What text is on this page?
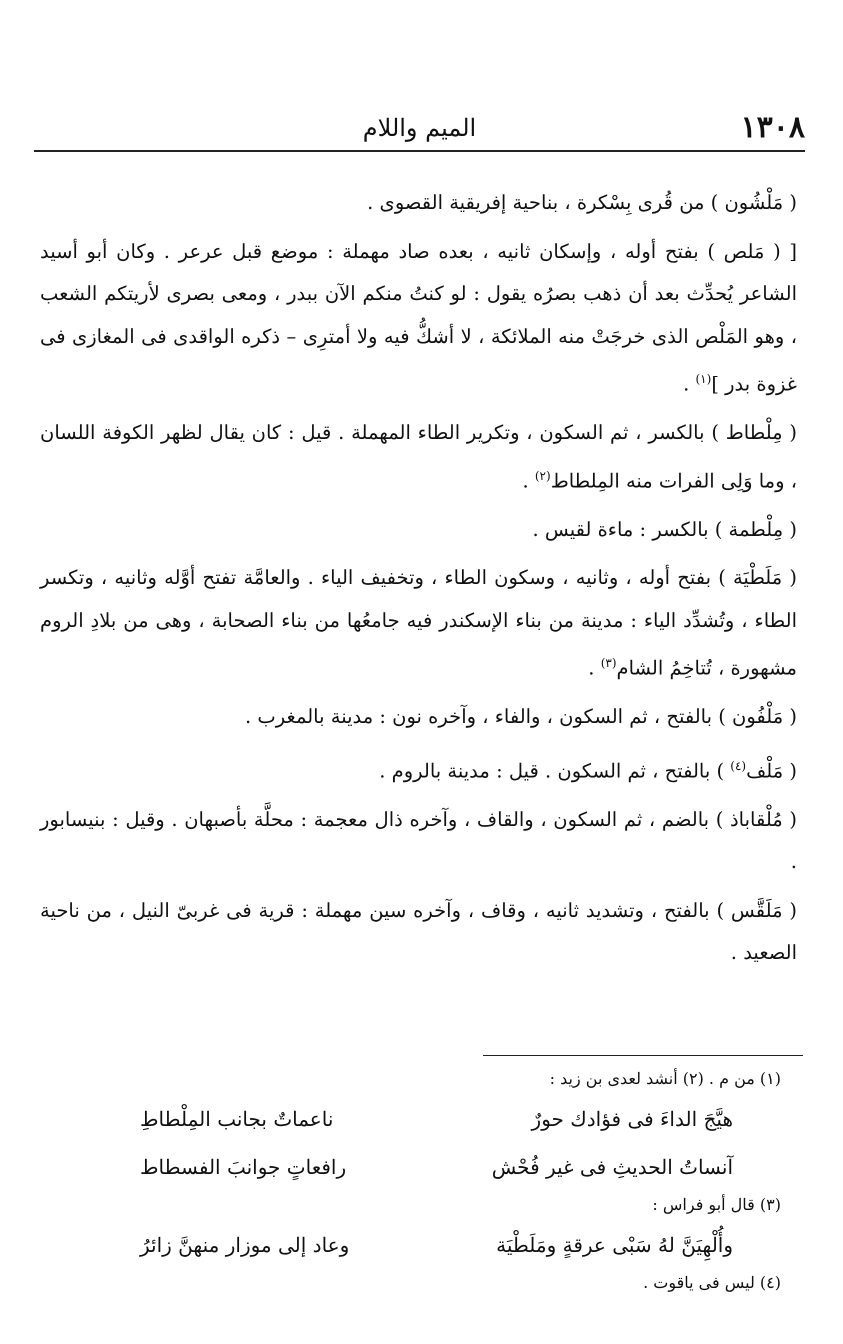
١٣٠٨
الميم واللام

( مَلْشُون ) من قُرى بِسْكرة ، بناحية إفريقية القصوى .

[ ( مَلص ) بفتح أوله ، وإسكان ثانيه ، بعده صاد مهملة : موضع قبل عرعر . وكان أبو أسيد الشاعر يُحدِّث بعد أن ذهب بصرُه يقول : لو كنتُ منكم الآن ببدر ، ومعى بصرى لأريتكم الشعب ، وهو المَلْص الذى خرجَتْ منه الملائكة ، لا أشكُّ فيه ولا أمترِى – ذكره الواقدى فى المغازى فى غزوة بدر ]$^{(١)}$ .

( مِلْطاط ) بالكسر ، ثم السكون ، وتكرير الطاء المهملة . قيل : كان يقال لظهر الكوفة اللسان ، وما وَلِى الفرات منه المِلطاط$^{(٢)}$ .

( مِلْطمة ) بالكسر : ماءة لقيس .

( مَلَطْيَة ) بفتح أوله ، وثانيه ، وسكون الطاء ، وتخفيف الياء . والعامَّة تفتح أوَّله وثانيه ، وتكسر الطاء ، وتُشدِّد الياء : مدينة من بناء الإسكندر فيه جامعُها من بناء الصحابة ، وهى من بلادِ الروم مشهورة ، تُتاخِمُ الشام$^{(٣)}$ .

( مَلْفُون ) بالفتح ، ثم السكون ، والفاء ، وآخره نون : مدينة بالمغرب .

( مَلْف$^{(٤)}$ ) بالفتح ، ثم السكون . قيل : مدينة بالروم .

( مُلْقاباذ ) بالضم ، ثم السكون ، والقاف ، وآخره ذال معجمة : محلَّة بأصبهان . وقيل : بنيسابور .

( مَلَقَّس ) بالفتح ، وتشديد ثانيه ، وقاف ، وآخره سين مهملة : قرية فى غربىّ النيل ، من ناحية الصعيد .

(١) من م . (٢) أنشد لعدى بن زيد :

هيَّجَ الداءَ فى فؤادك حورٌ
ناعماتٌ بجانب المِلْطاطِ
آنساتُ الحديثِ فى غير فُحْش
رافعاتٍ جوانبَ الفسطاط

(٣) قال أبو فراس :

وأُلْهِيَنَّ لهُ سَبْى عرقةٍ ومَلَطْيَة
وعاد إلى موزار منهنَّ زائرُ

(٤) ليس فى ياقوت .
